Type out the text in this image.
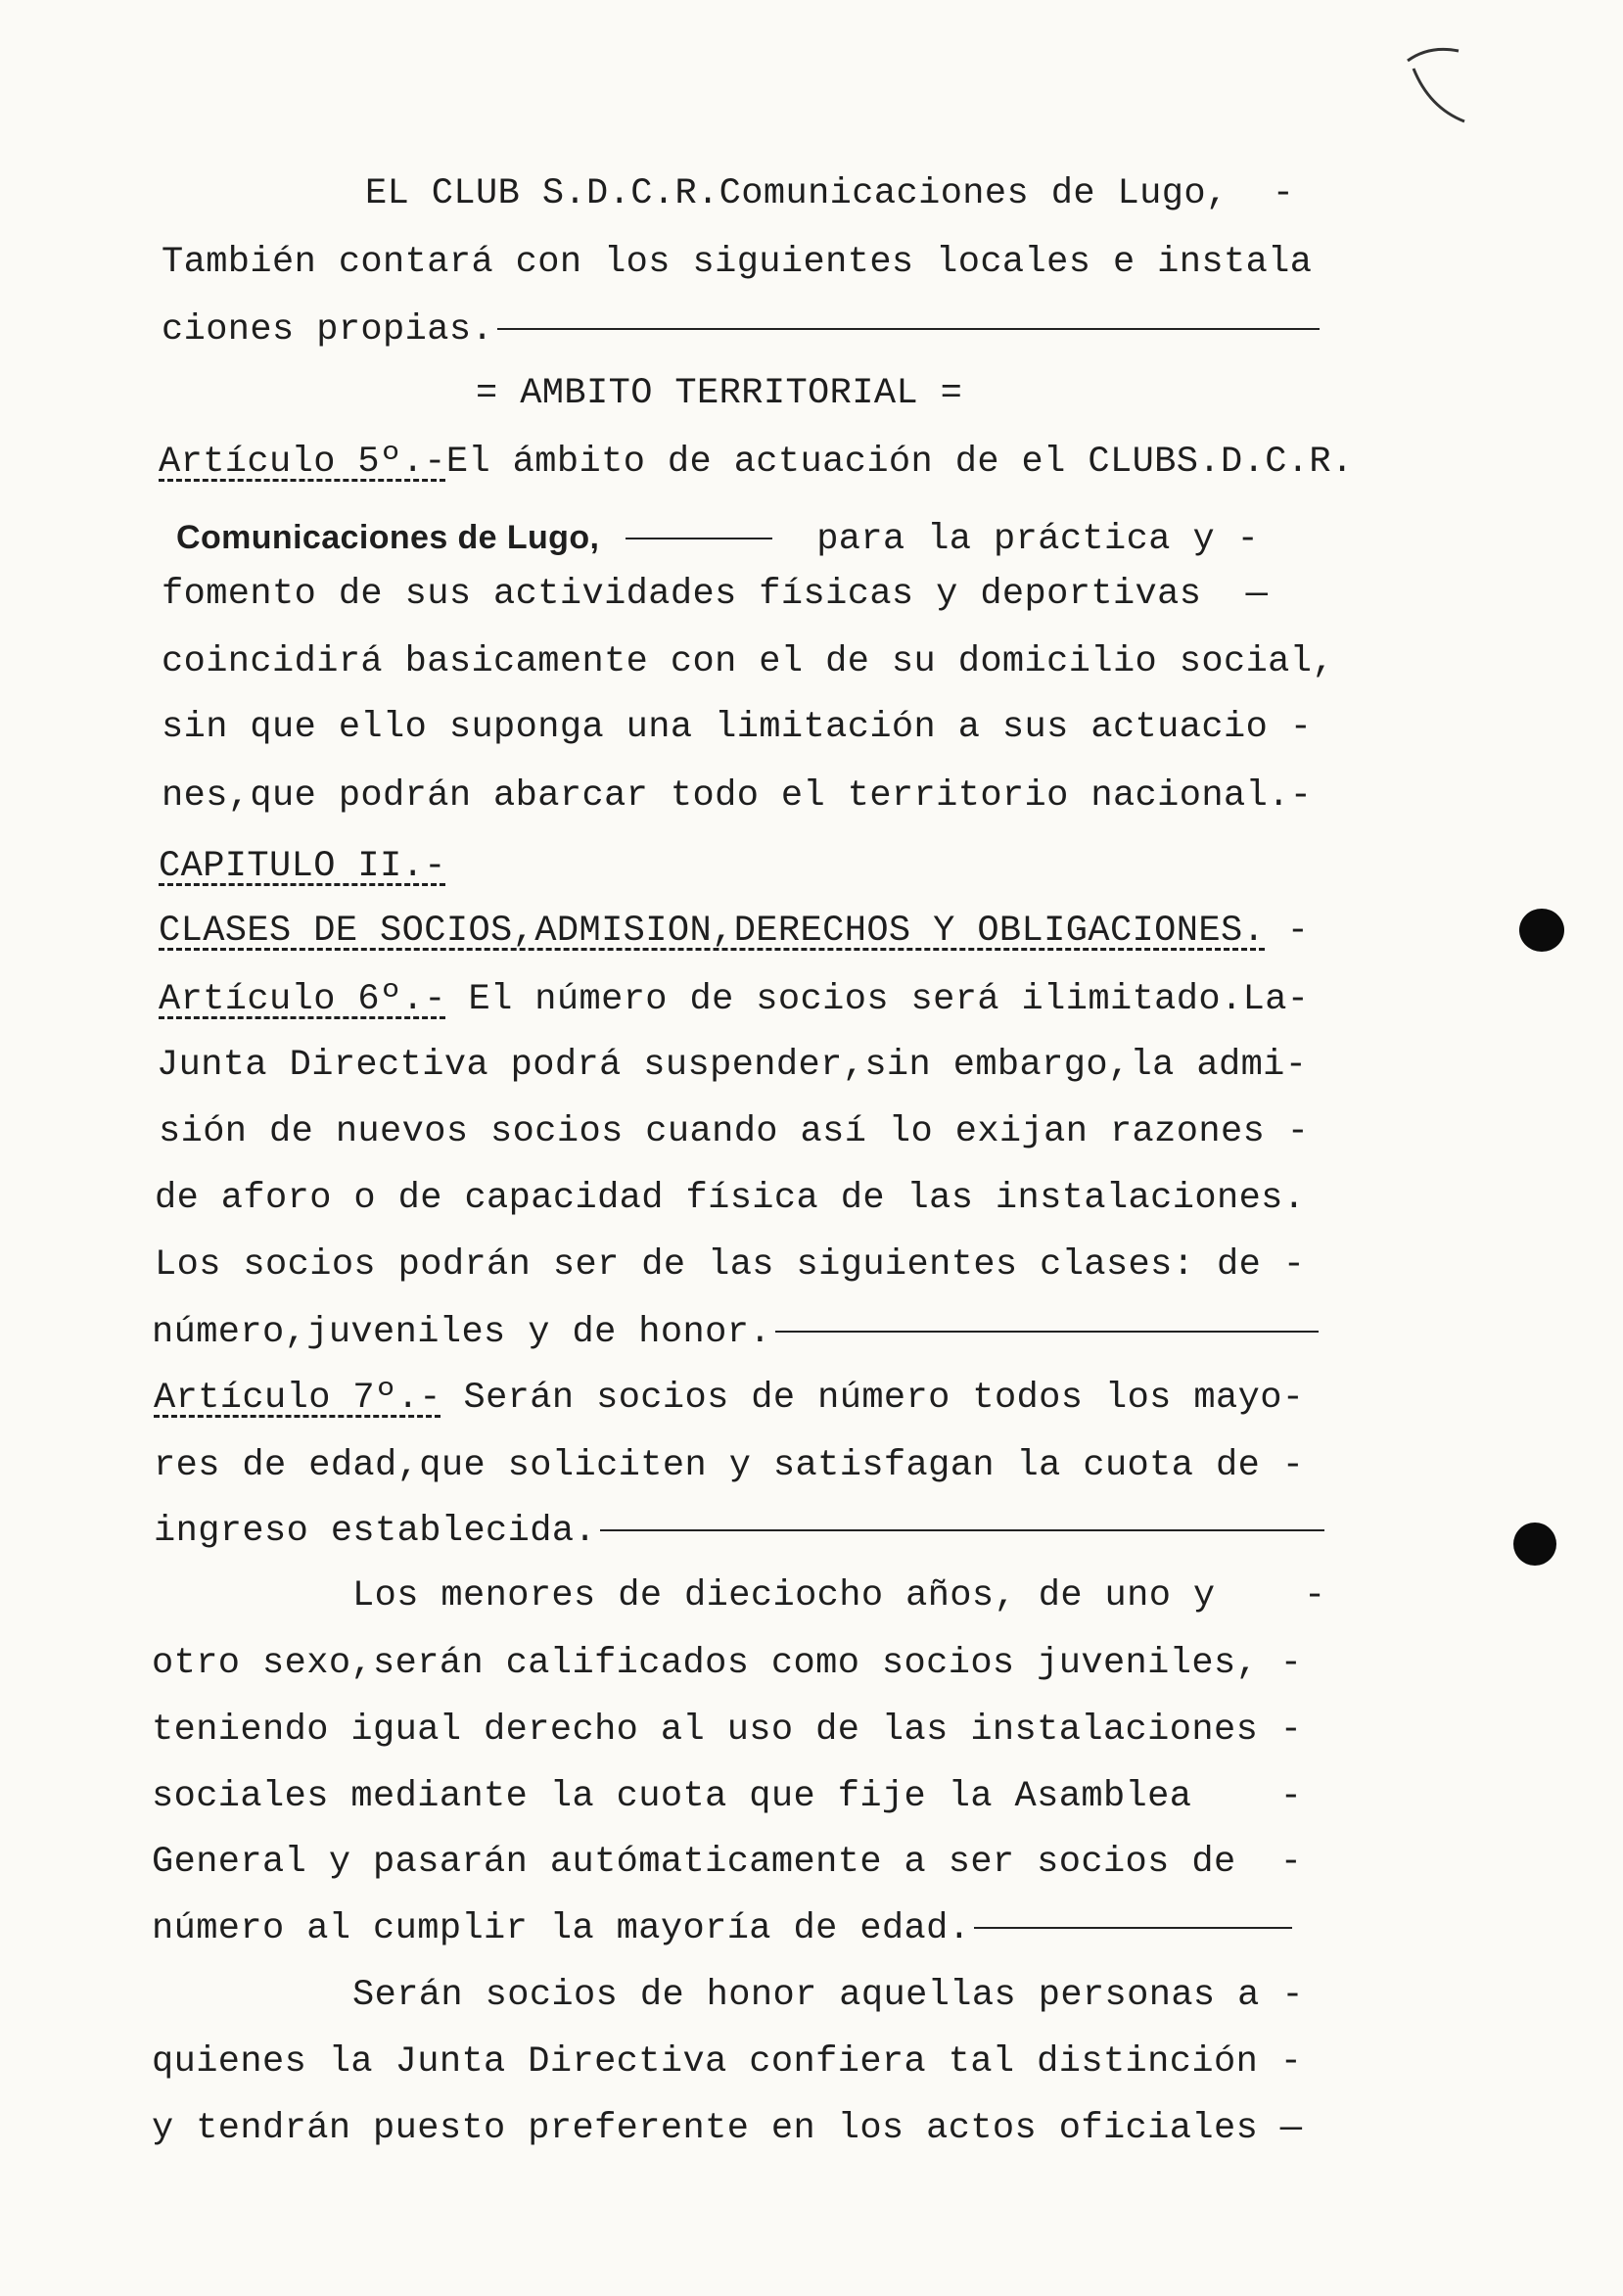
EL CLUB S.D.C.R.Comunicaciones de Lugo,  -
También contará con los siguientes locales e instala
ciones propias.
= AMBITO TERRITORIAL =
Artículo 5º.-El ámbito de actuación de el CLUBS.D.C.R.
Comunicaciones de Lugo,	para la práctica y -
fomento de sus actividades físicas y deportivas  —
coincidirá basicamente con el de su domicilio social,
sin que ello suponga una limitación a sus actuacio -
nes,que podrán abarcar todo el territorio nacional.-
CAPITULO II.-
CLASES DE SOCIOS,ADMISION,DERECHOS Y OBLIGACIONES. -
Artículo 6º.- El número de socios será ilimitado.La-
Junta Directiva podrá suspender,sin embargo,la admi-
sión de nuevos socios cuando así lo exijan razones -
de aforo o de capacidad física de las instalaciones.
Los socios podrán ser de las siguientes clases: de -
número,juveniles y de honor.
Artículo 7º.- Serán socios de número todos los mayo-
res de edad,que soliciten y satisfagan la cuota de -
ingreso establecida.
Los menores de dieciocho años, de uno y    -
otro sexo,serán calificados como socios juveniles, -
teniendo igual derecho al uso de las instalaciones -
sociales mediante la cuota que fije la Asamblea    -
General y pasarán autómaticamente a ser socios de  -
número al cumplir la mayoría de edad.
Serán socios de honor aquellas personas a -
quienes la Junta Directiva confiera tal distinción -
y tendrán puesto preferente en los actos oficiales —
